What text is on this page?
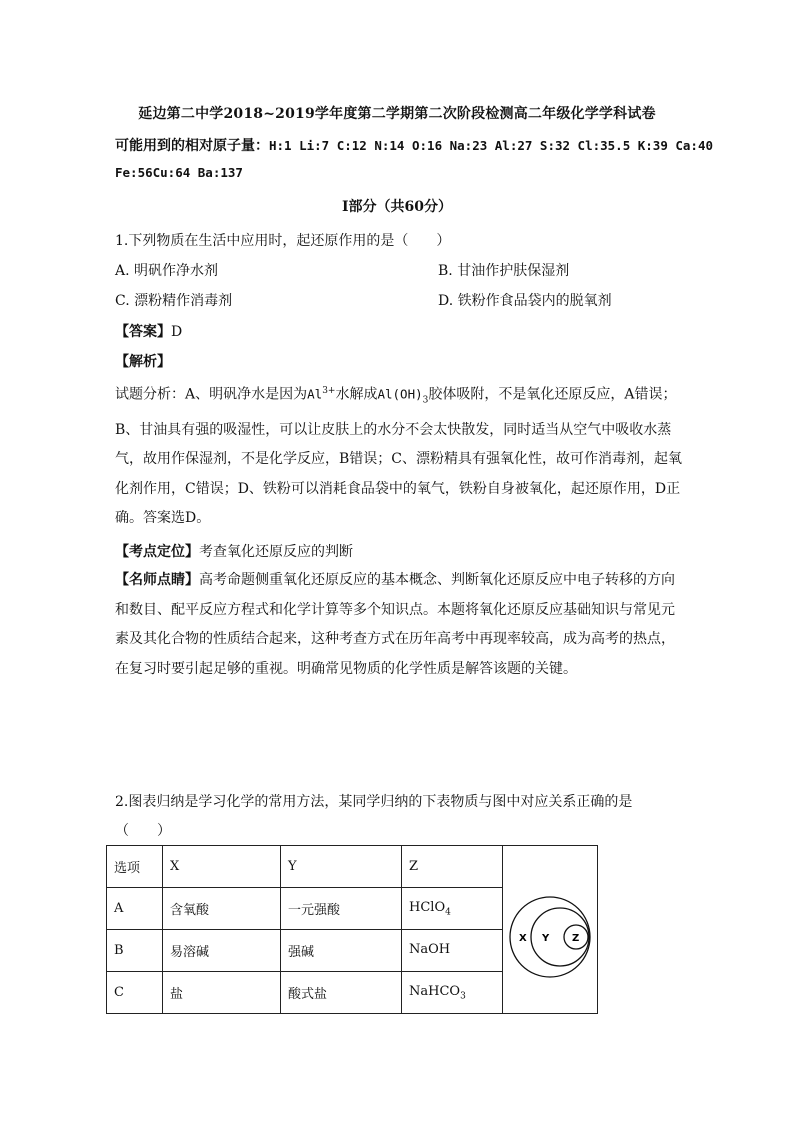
延边第二中学2018~2019学年度第二学期第二次阶段检测高二年级化学学科试卷
可能用到的相对原子量：H:1 Li:7 C:12 N:14 O:16 Na:23 Al:27 S:32 Cl:35.5 K:39 Ca:40
Fe:56Cu:64 Ba:137
Ⅰ部分（共60分）
1.下列物质在生活中应用时，起还原作用的是（　　）
A. 明矾作净水剂	B. 甘油作护肤保湿剂
C. 漂粉精作消毒剂	D. 铁粉作食品袋内的脱氧剂
【答案】D
【解析】
试题分析：A、明矾净水是因为$Al^{3+}$水解成$Al(OH)_3$胶体吸附，不是氧化还原反应，A错误；B、甘油具有强的吸湿性，可以让皮肤上的水分不会太快散发，同时适当从空气中吸收水蒸气，故用作保湿剂，不是化学反应，B错误；C、漂粉精具有强氧化性，故可作消毒剂，起氧化剂作用，C错误；D、铁粉可以消耗食品袋中的氧气，铁粉自身被氧化，起还原作用，D正确。答案选D。
【考点定位】考查氧化还原反应的判断
【名师点睛】高考命题侧重氧化还原反应的基本概念、判断氧化还原反应中电子转移的方向和数目、配平反应方程式和化学计算等多个知识点。本题将氧化还原反应基础知识与常见元素及其化合物的性质结合起来，这种考查方式在历年高考中再现率较高，成为高考的热点，在复习时要引起足够的重视。明确常见物质的化学性质是解答该题的关键。
2.图表归纳是学习化学的常用方法，某同学归纳的下表物质与图中对应关系正确的是
（　　）
选项	X	Y	Z	X Y Z

A	含氧酸	一元强酸	HClO$_4$
B	易溶碱	强碱	NaOH	
C	盐	酸式盐	NaHCO$_3$
